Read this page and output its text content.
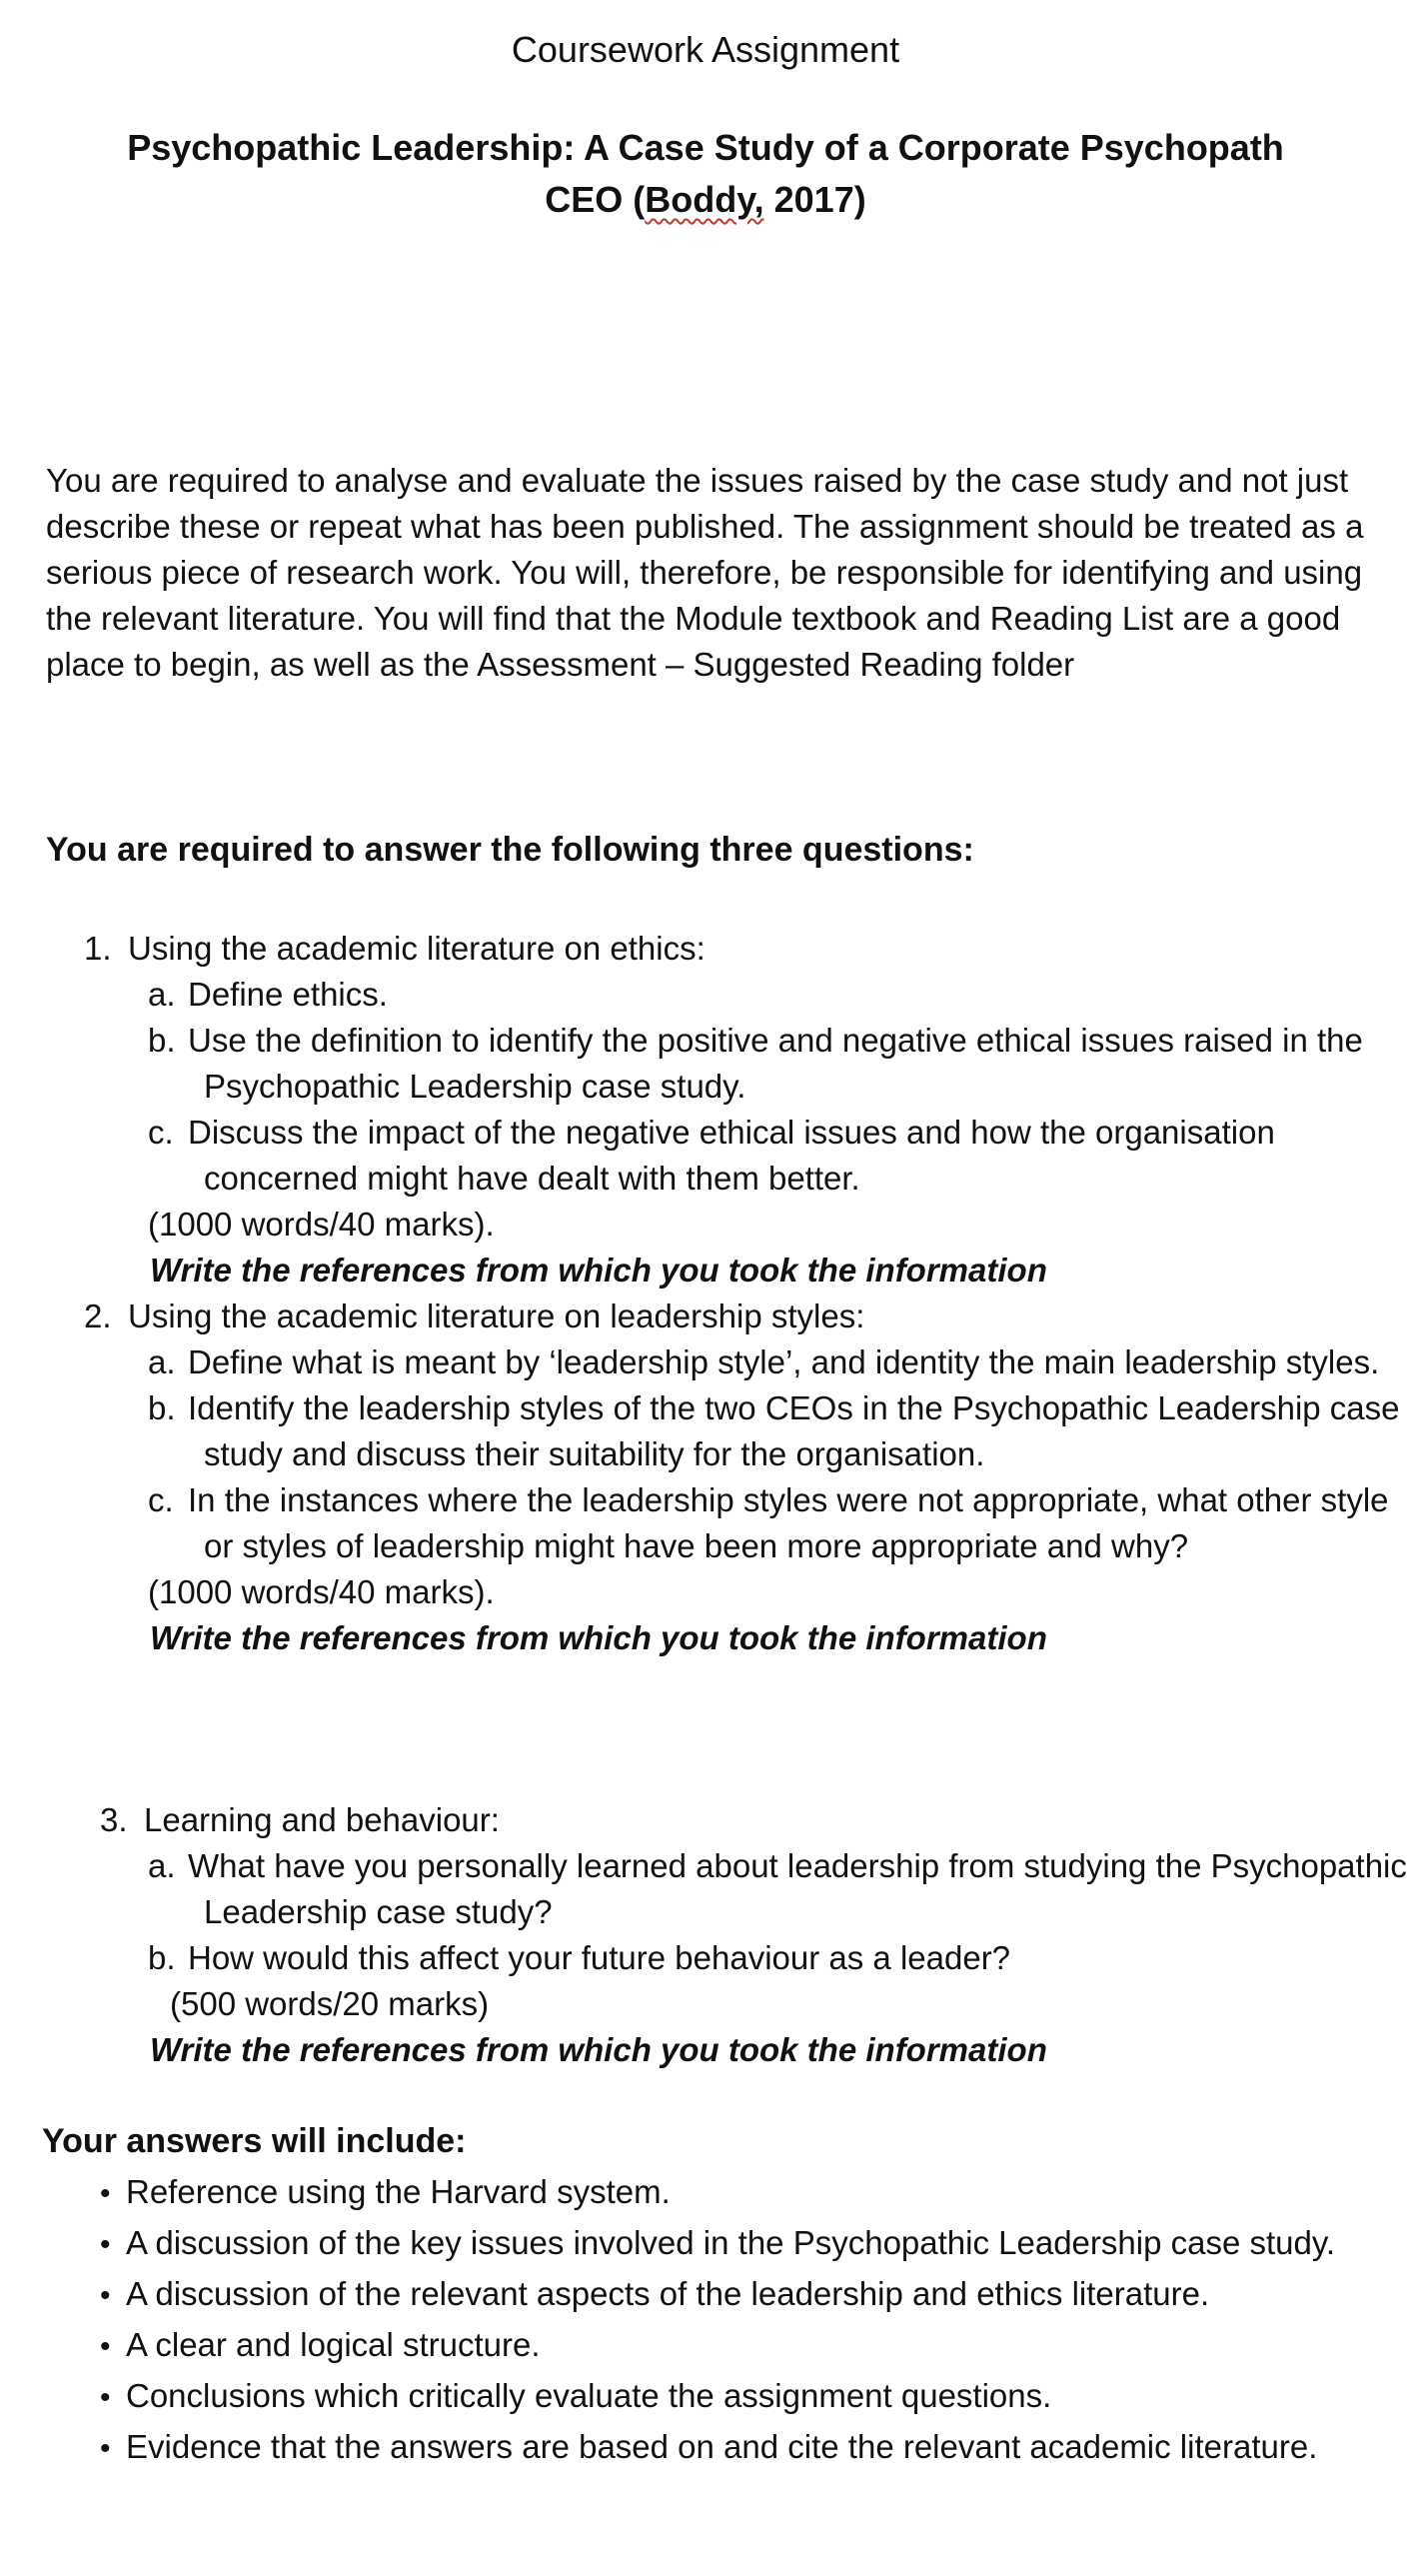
Coursework Assignment
Psychopathic Leadership: A Case Study of a Corporate Psychopath
CEO (Boddy, 2017)

You are required to analyse and evaluate the issues raised by the case study and not just describe these or repeat what has been published. The assignment should be treated as a serious piece of research work. You will, therefore, be responsible for identifying and using the relevant literature. You will find that the Module textbook and Reading List are a good place to begin, as well as the Assessment – Suggested Reading folder

You are required to answer the following three questions:

1. Using the academic literature on ethics:
a. Define ethics.
b. Use the definition to identify the positive and negative ethical issues raised in the Psychopathic Leadership case study.
c. Discuss the impact of the negative ethical issues and how the organisation concerned might have dealt with them better.
(1000 words/40 marks).
Write the references from which you took the information
2. Using the academic literature on leadership styles:
a. Define what is meant by ‘leadership style’, and identity the main leadership styles.
b. Identify the leadership styles of the two CEOs in the Psychopathic Leadership case study and discuss their suitability for the organisation.
c. In the instances where the leadership styles were not appropriate, what other style or styles of leadership might have been more appropriate and why?
(1000 words/40 marks).
Write the references from which you took the information
3. Learning and behaviour:
a. What have you personally learned about leadership from studying the Psychopathic Leadership case study?
b. How would this affect your future behaviour as a leader?
(500 words/20 marks)
Write the references from which you took the information

Your answers will include:

• Reference using the Harvard system.
• A discussion of the key issues involved in the Psychopathic Leadership case study.
• A discussion of the relevant aspects of the leadership and ethics literature.
• A clear and logical structure.
• Conclusions which critically evaluate the assignment questions.
• Evidence that the answers are based on and cite the relevant academic literature.
